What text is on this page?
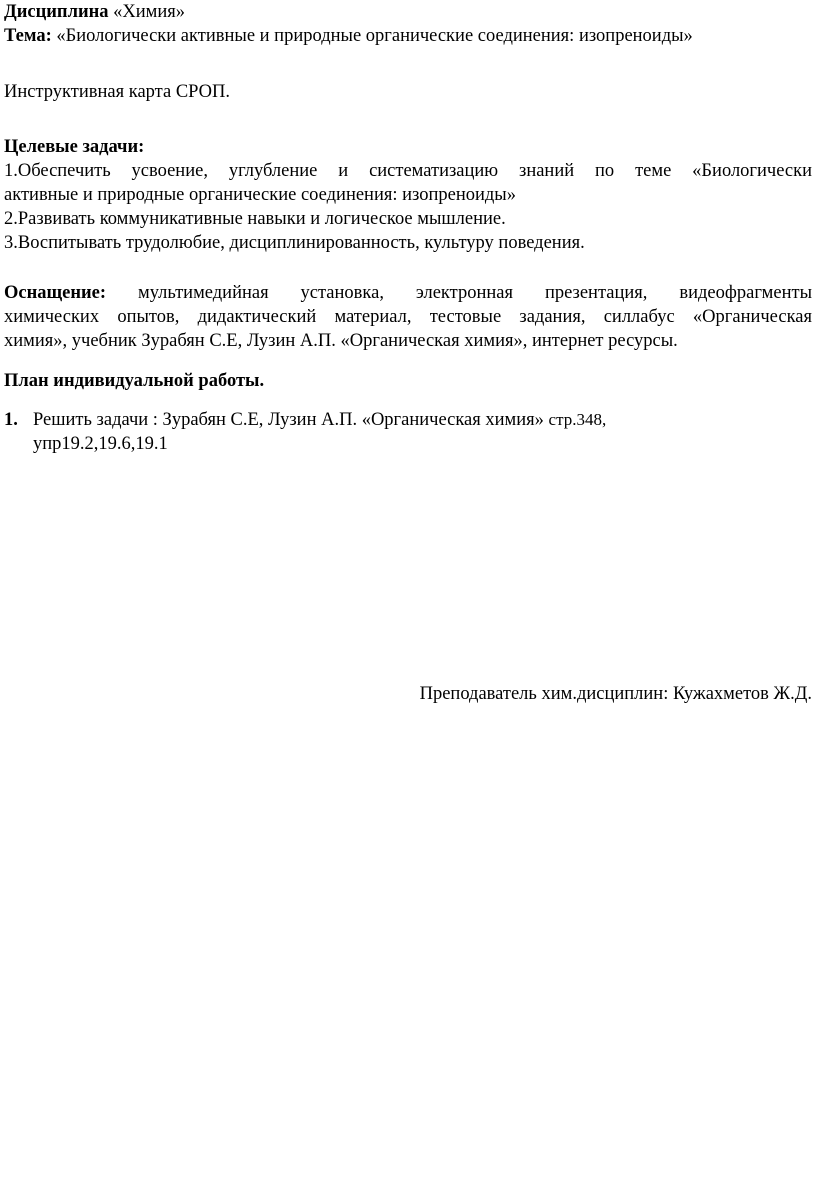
Дисциплина «Химия»
Тема: «Биологически активные и природные органические соединения: изопреноиды»
Инструктивная карта СРОП.
Целевые задачи:
1.Обеспечить усвоение, углубление и систематизацию знаний по теме «Биологически
активные и природные органические соединения: изопреноиды»
2.Развивать коммуникативные навыки и логическое мышление.
3.Воспитывать трудолюбие, дисциплинированность, культуру поведения.
Оснащение: мультимедийная установка, электронная презентация, видеофрагменты
химических опытов, дидактический материал, тестовые задания, силлабус «Органическая
химия», учебник Зурабян С.Е, Лузин А.П. «Органическая химия», интернет ресурсы.
План индивидуальной работы.
1. Решить задачи : Зурабян С.Е, Лузин А.П. «Органическая химия» стр.348,
упр19.2,19.6,19.1
Преподаватель хим.дисциплин: Кужахметов Ж.Д.
